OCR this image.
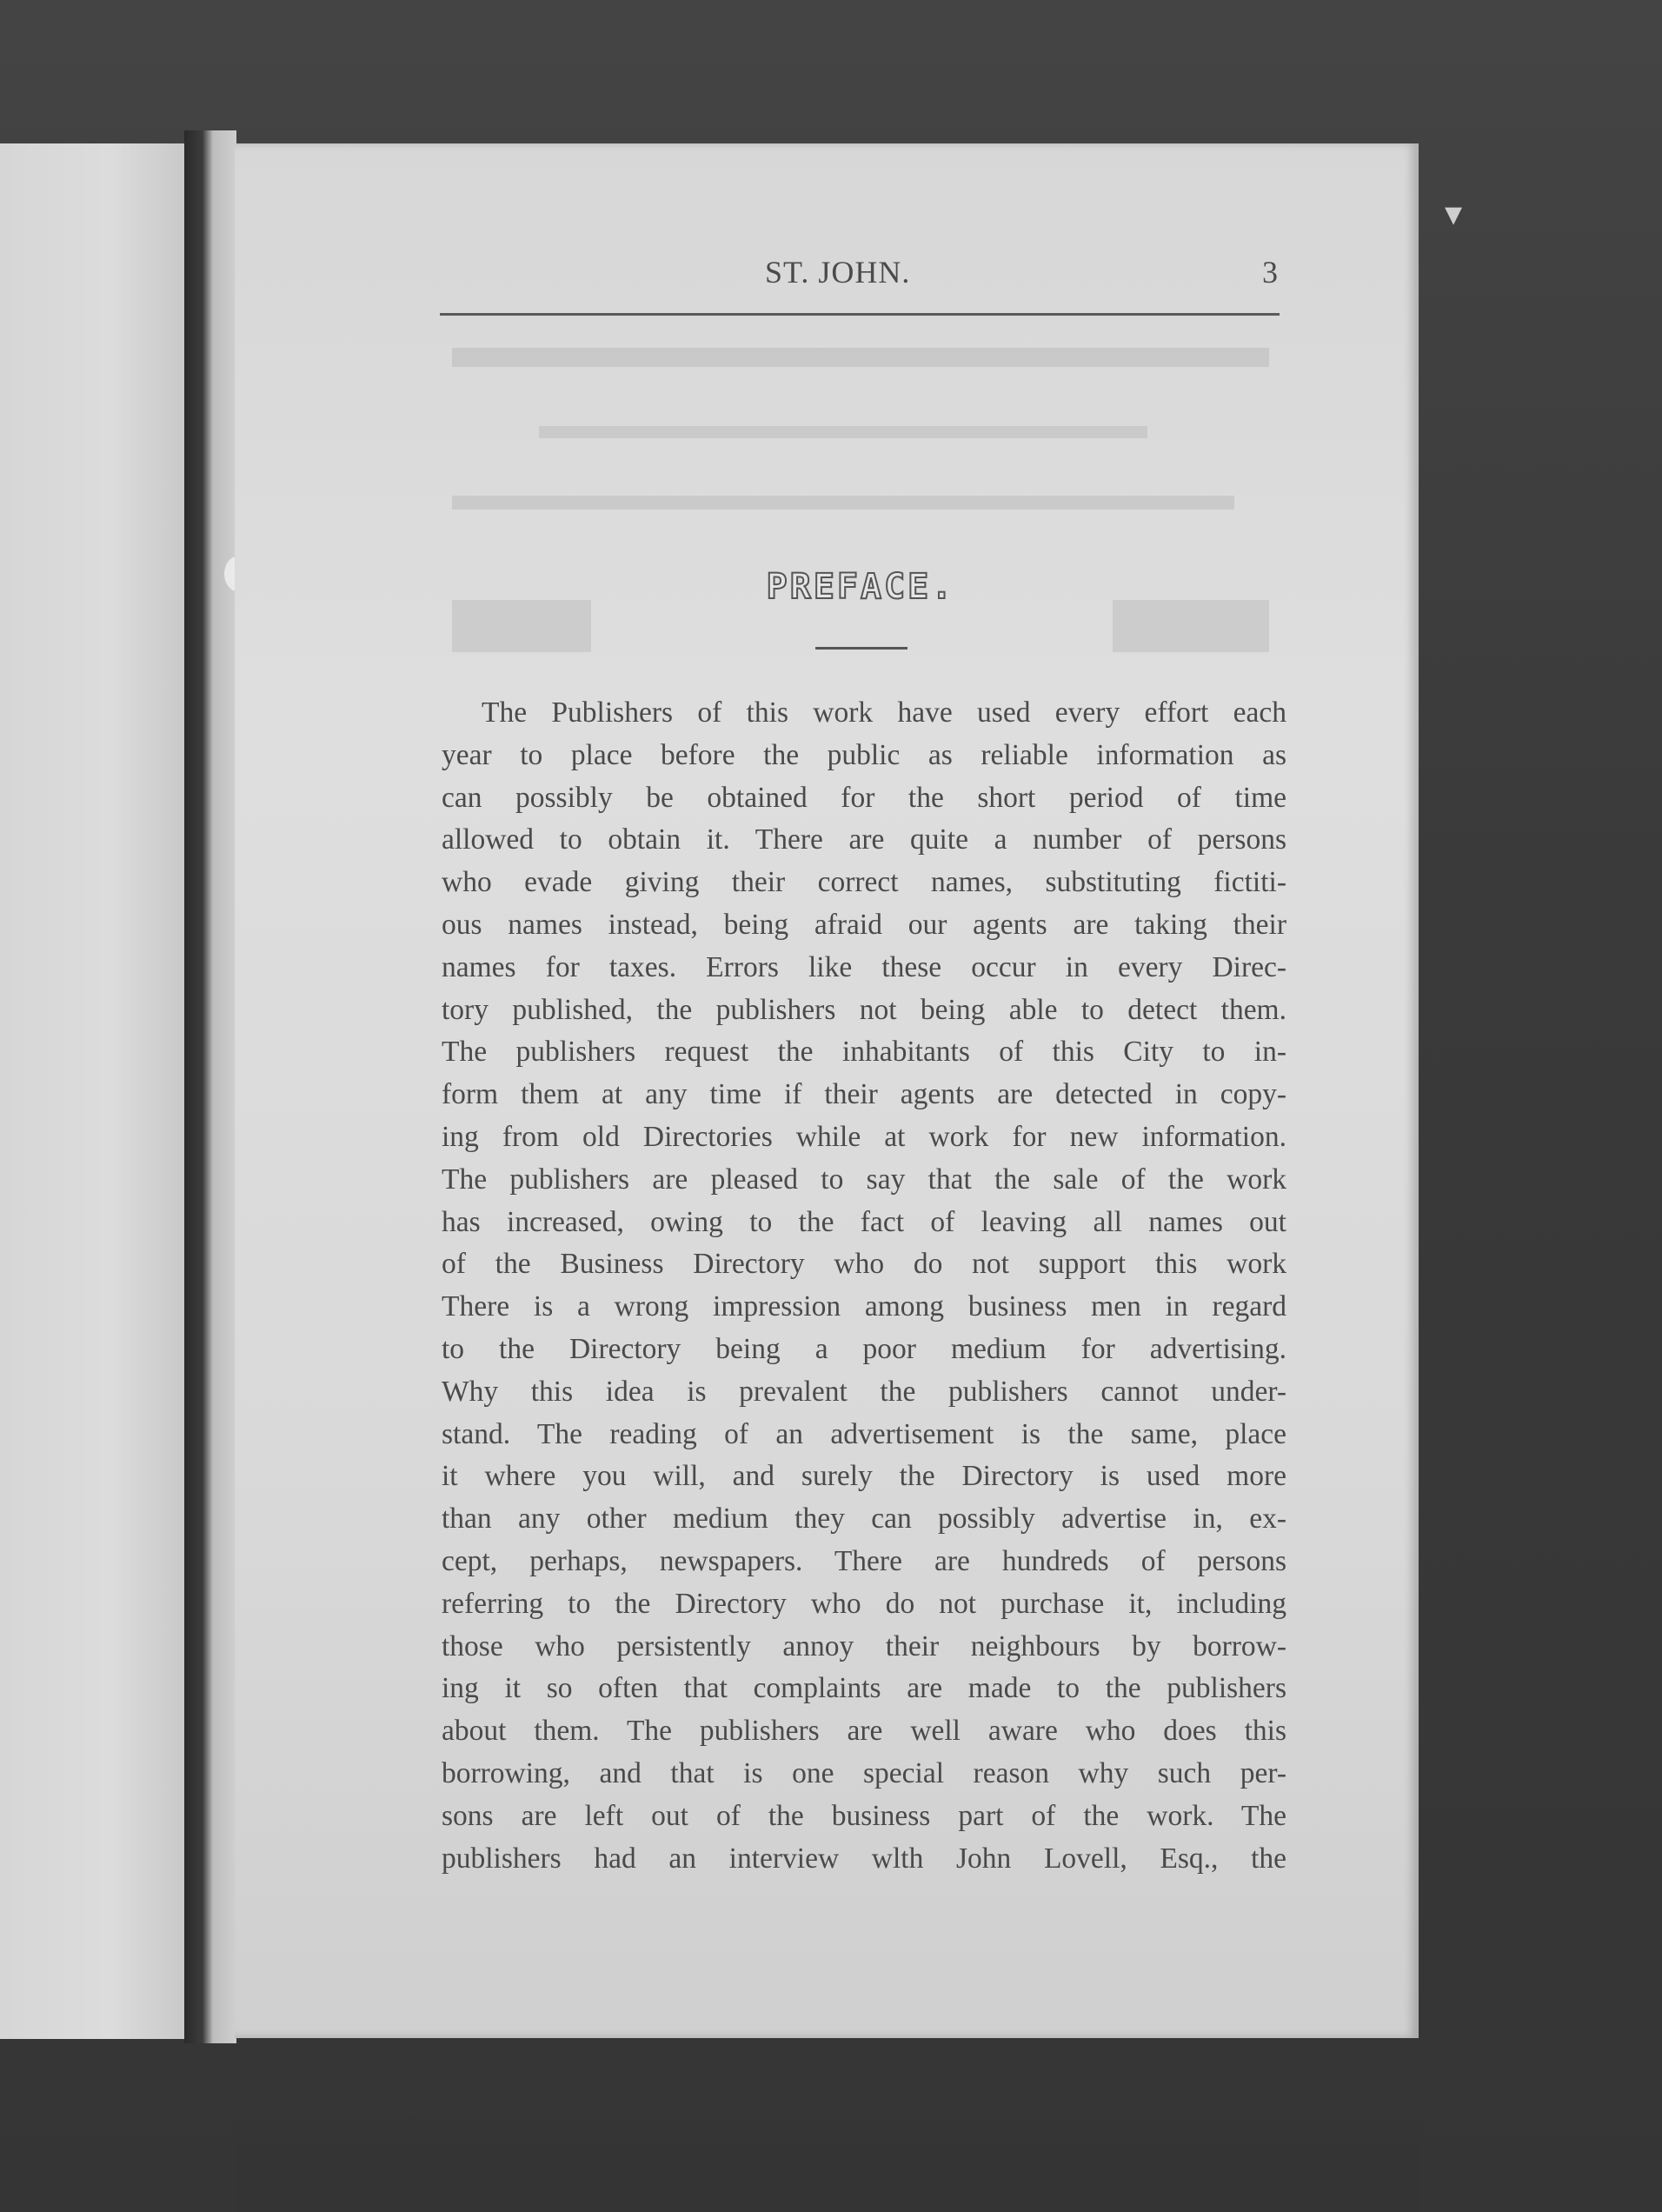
ST. JOHN.	3
PREFACE.
The Publishers of this work have used every effort each
year to place before the public as reliable information as
can possibly be obtained for the short period of time
allowed to obtain it. There are quite a number of persons
who evade giving their correct names, substituting fictiti-
ous names instead, being afraid our agents are taking their
names for taxes. Errors like these occur in every Direc-
tory published, the publishers not being able to detect them.
The publishers request the inhabitants of this City to in-
form them at any time if their agents are detected in copy-
ing from old Directories while at work for new information.
The publishers are pleased to say that the sale of the work
has increased, owing to the fact of leaving all names out
of the Business Directory who do not support this work
There is a wrong impression among business men in regard
to the Directory being a poor medium for advertising.
Why this idea is prevalent the publishers cannot under-
stand. The reading of an advertisement is the same, place
it where you will, and surely the Directory is used more
than any other medium they can possibly advertise in, ex-
cept, perhaps, newspapers. There are hundreds of persons
referring to the Directory who do not purchase it, including
those who persistently annoy their neighbours by borrow-
ing it so often that complaints are made to the publishers
about them. The publishers are well aware who does this
borrowing, and that is one special reason why such per-
sons are left out of the business part of the work. The
publishers had an interview wlth John Lovell, Esq., the
▾
